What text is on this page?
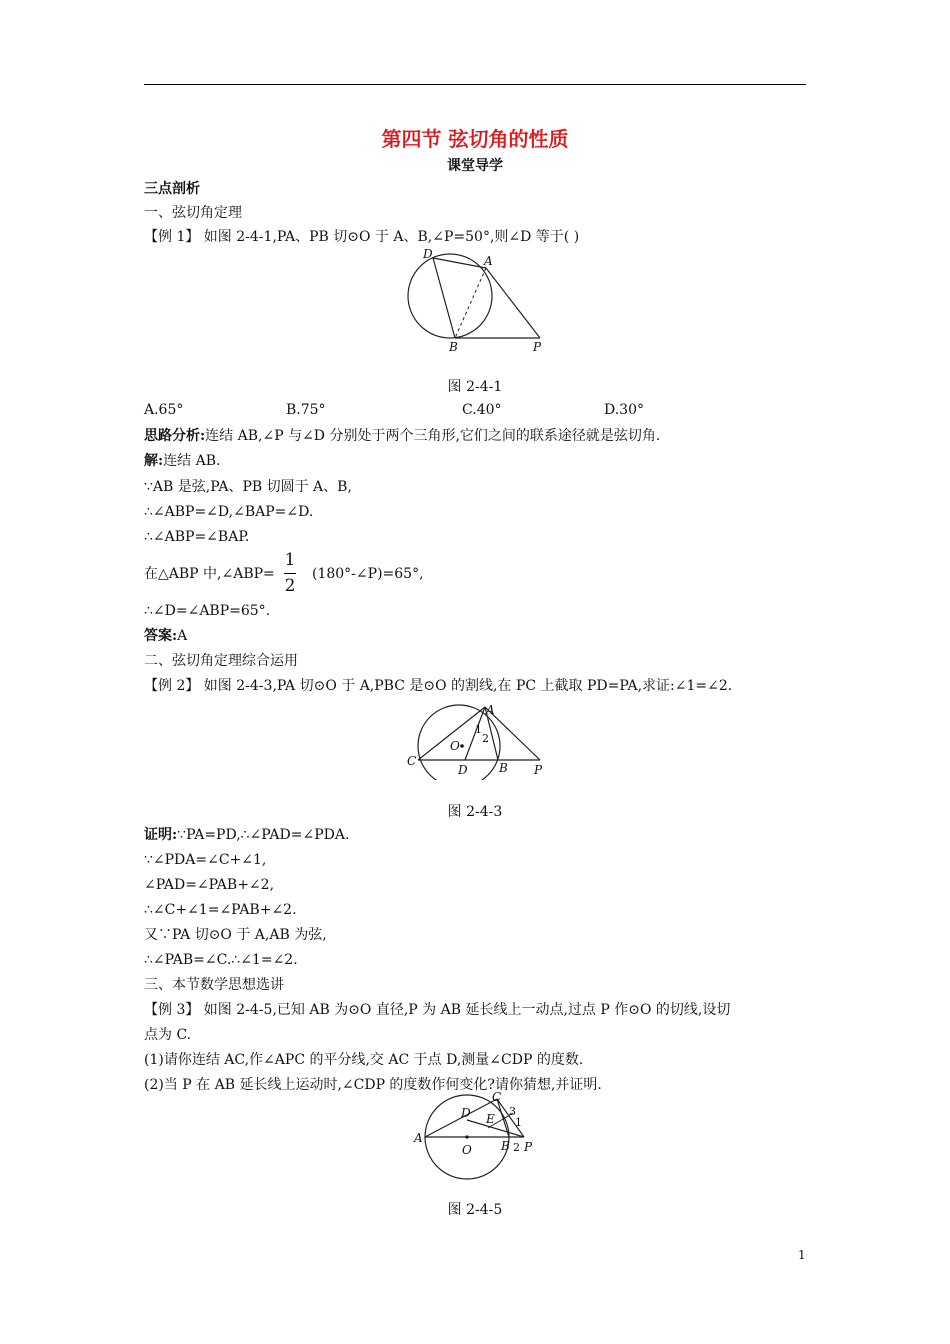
第四节 弦切角的性质
课堂导学
三点剖析
一、弦切角定理
【例 1】 如图 2-4-1,PA、PB 切⊙O 于 A、B,∠P=50°,则∠D 等于( )
D	A
B	P
图 2-4-1
A.65°	B.75°	C.40°	D.30°
思路分析:连结 AB,∠P 与∠D 分别处于两个三角形,它们之间的联系途径就是弦切角.
解:连结 AB.
∵AB 是弦,PA、PB 切圆于 A、B,
∴∠ABP=∠D,∠BAP=∠D.
∴∠ABP=∠BAP.
在△ABP 中,∠ABP=
1
2
(180°-∠P)=65°,
∴∠D=∠ABP=65°.
答案:A
二、弦切角定理综合运用
【例 2】 如图 2-4-3,PA 切⊙O 于 A,PBC 是⊙O 的割线,在 PC 上截取 PD=PA,求证:∠1=∠2.
A
O
C
D	B P
1
2
图 2-4-3
证明:∵PA=PD,∴∠PAD=∠PDA.
∵∠PDA=∠C+∠1,
∠PAD=∠PAB+∠2,
∴∠C+∠1=∠PAB+∠2.
又∵PA 切⊙O 于 A,AB 为弦,
∴∠PAB=∠C.∴∠1=∠2.
三、本节数学思想选讲
【例 3】 如图 2-4-5,已知 AB 为⊙O 直径,P 为 AB 延长线上一动点,过点 P 作⊙O 的切线,设切
点为 C.
(1)请你连结 AC,作∠APC 的平分线,交 AC 于点 D,测量∠CDP 的度数.
(2)当 P 在 AB 延长线上运动时,∠CDP 的度数作何变化?请你猜想,并证明.
C
D E
A
O B P
3
1
2
图 2-4-5
1
